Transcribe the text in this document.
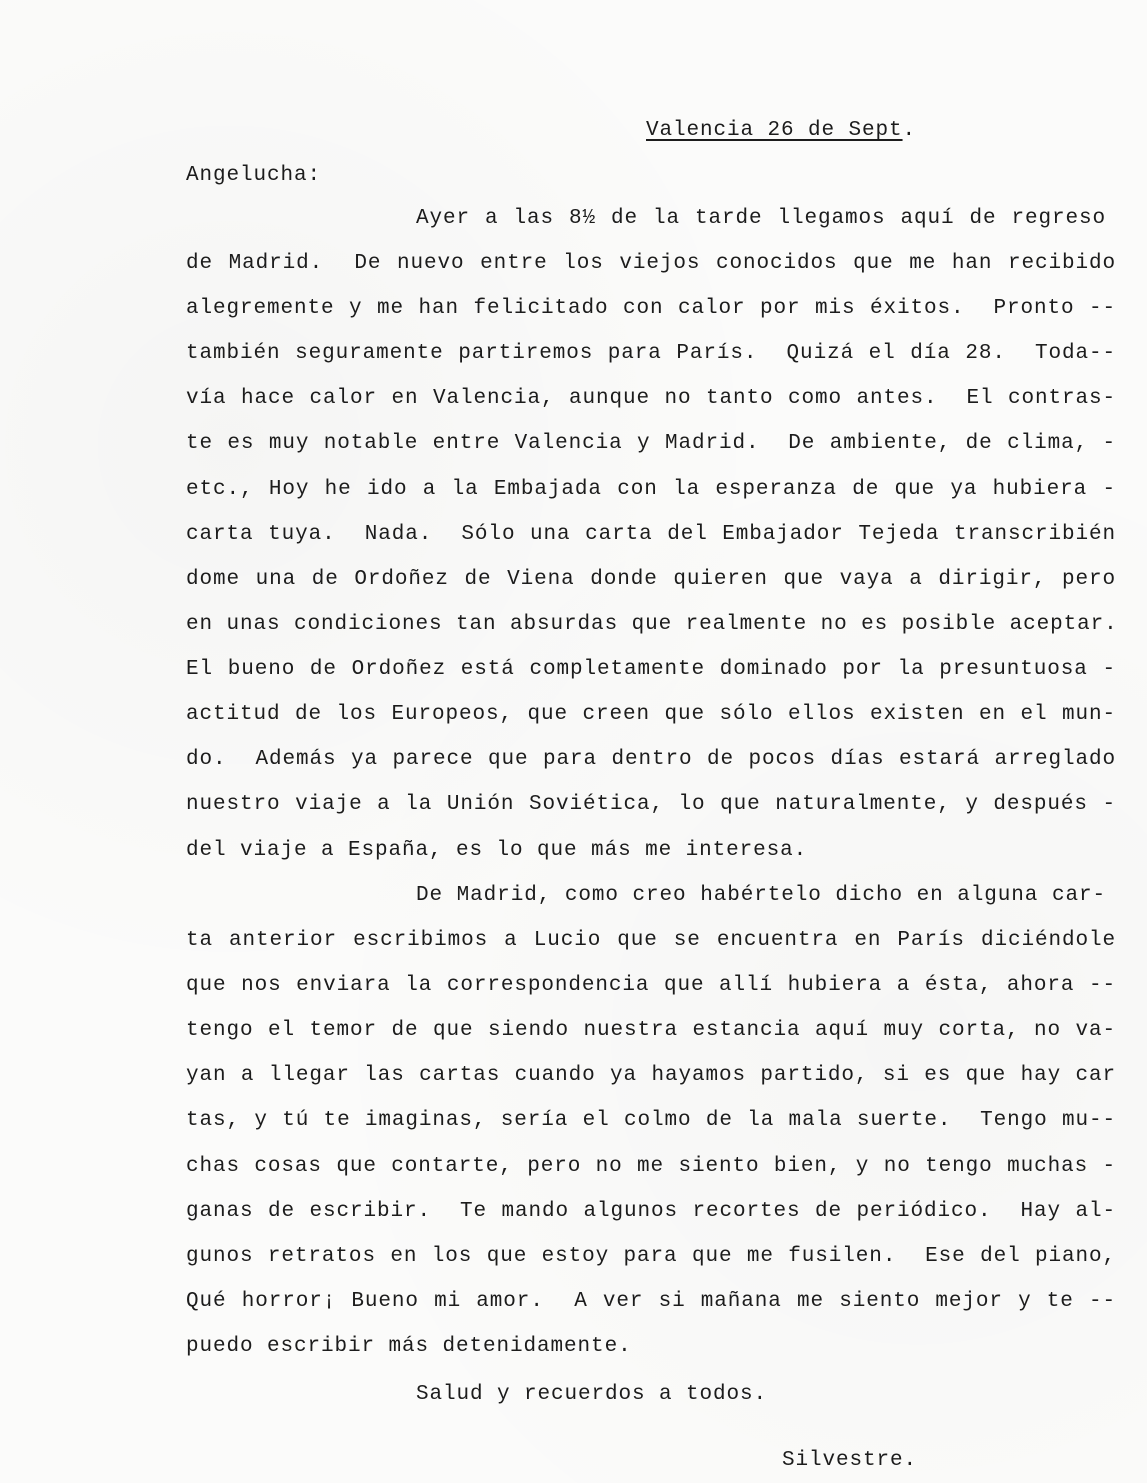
Valencia 26 de Sept.
Angelucha:
Ayer a las 8½ de la tarde llegamos aquí de regreso
de Madrid.  De nuevo entre los viejos conocidos que me han recibido
alegremente y me han felicitado con calor por mis éxitos.  Pronto --
también seguramente partiremos para París.  Quizá el día 28.  Toda--
vía hace calor en Valencia, aunque no tanto como antes.  El contras-
te es muy notable entre Valencia y Madrid.  De ambiente, de clima, -
etc., Hoy he ido a la Embajada con la esperanza de que ya hubiera -
carta tuya.  Nada.  Sólo una carta del Embajador Tejeda transcribién
dome una de Ordoñez de Viena donde quieren que vaya a dirigir, pero
en unas condiciones tan absurdas que realmente no es posible aceptar.
El bueno de Ordoñez está completamente dominado por la presuntuosa -
actitud de los Europeos, que creen que sólo ellos existen en el mun-
do.  Además ya parece que para dentro de pocos días estará arreglado
nuestro viaje a la Unión Soviética, lo que naturalmente, y después -
del viaje a España, es lo que más me interesa.
De Madrid, como creo habértelo dicho en alguna car-
ta anterior escribimos a Lucio que se encuentra en París diciéndole
que nos enviara la correspondencia que allí hubiera a ésta, ahora --
tengo el temor de que siendo nuestra estancia aquí muy corta, no va-
yan a llegar las cartas cuando ya hayamos partido, si es que hay car
tas, y tú te imaginas, sería el colmo de la mala suerte.  Tengo mu--
chas cosas que contarte, pero no me siento bien, y no tengo muchas -
ganas de escribir.  Te mando algunos recortes de periódico.  Hay al-
gunos retratos en los que estoy para que me fusilen.  Ese del piano,
Qué horror¡ Bueno mi amor.  A ver si mañana me siento mejor y te --
puedo escribir más detenidamente.
Salud y recuerdos a todos.
Silvestre.
